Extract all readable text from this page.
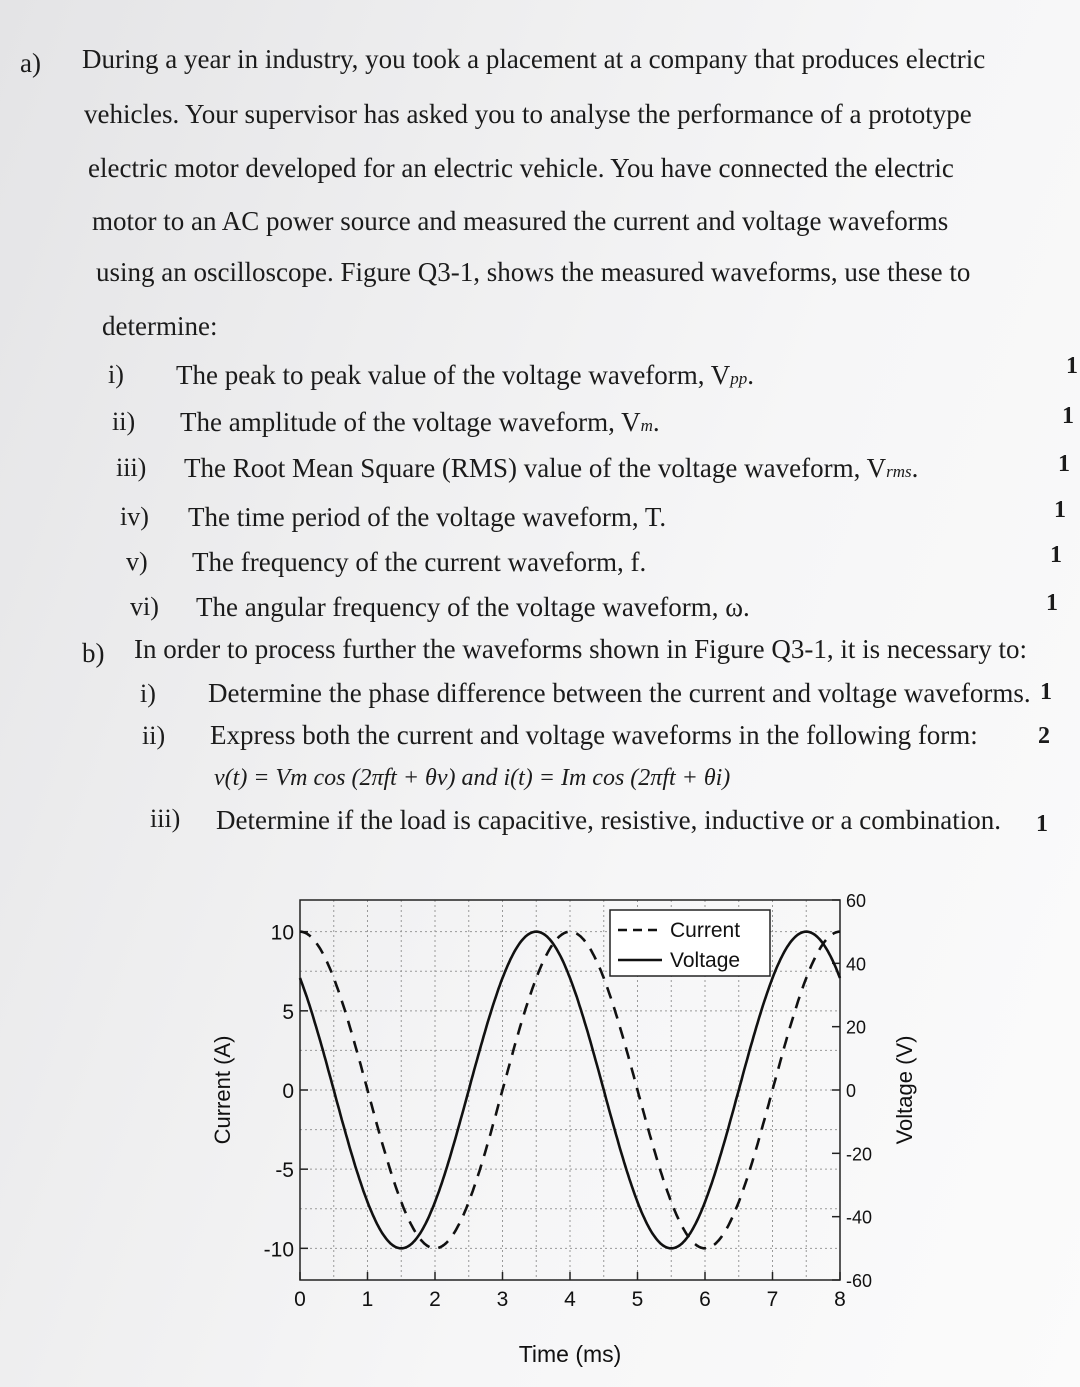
a) During a year in industry, you took a placement at a company that produces electric
vehicles. Your supervisor has asked you to analyse the performance of a prototype
electric motor developed for an electric vehicle. You have connected the electric
motor to an AC power source and measured the current and voltage waveforms
using an oscilloscope. Figure Q3-1, shows the measured waveforms, use these to
determine:
i) The peak to peak value of the voltage waveform, Vpp.	1
ii) The amplitude of the voltage waveform, Vm.	1
iii) The Root Mean Square (RMS) value of the voltage waveform, Vrms.	1
iv) The time period of the voltage waveform, T.	1
v) The frequency of the current waveform, f.	1
vi) The angular frequency of the voltage waveform, ω.	1
b) In order to process further the waveforms shown in Figure Q3-1, it is necessary to:
i) Determine the phase difference between the current and voltage waveforms. 1
ii) Express both the current and voltage waveforms in the following form:	2
v(t) = Vm cos (2πft + θv) and i(t) = Im cos (2πft + θi)
iii) Determine if the load is capacitive, resistive, inductive or a combination. 1
0	1	2	3	4	5	6	7	8
10
5
0
-5
-10
60
40
20
0
-20
-40
-60
Current
Voltage
Time (ms)
Current (A)	Voltage (V)
